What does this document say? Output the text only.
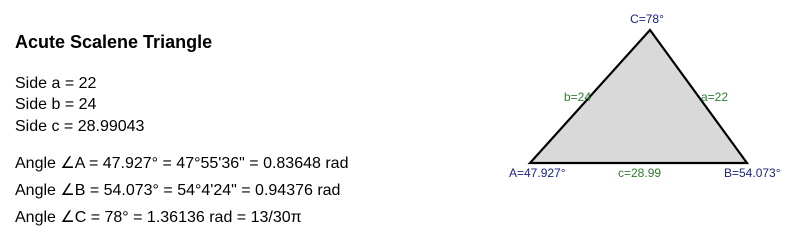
Acute Scalene Triangle
Side a = 22
Side b = 24
Side c = 28.99043
Angle ∠A = 47.927° = 47°55'36" = 0.83648 rad
Angle ∠B = 54.073° = 54°4'24" = 0.94376 rad
Angle ∠C = 78° = 1.36136 rad = 13/30π
C=78°
A=47.927°	B=54.073°
b=24	a=22
c=28.99
